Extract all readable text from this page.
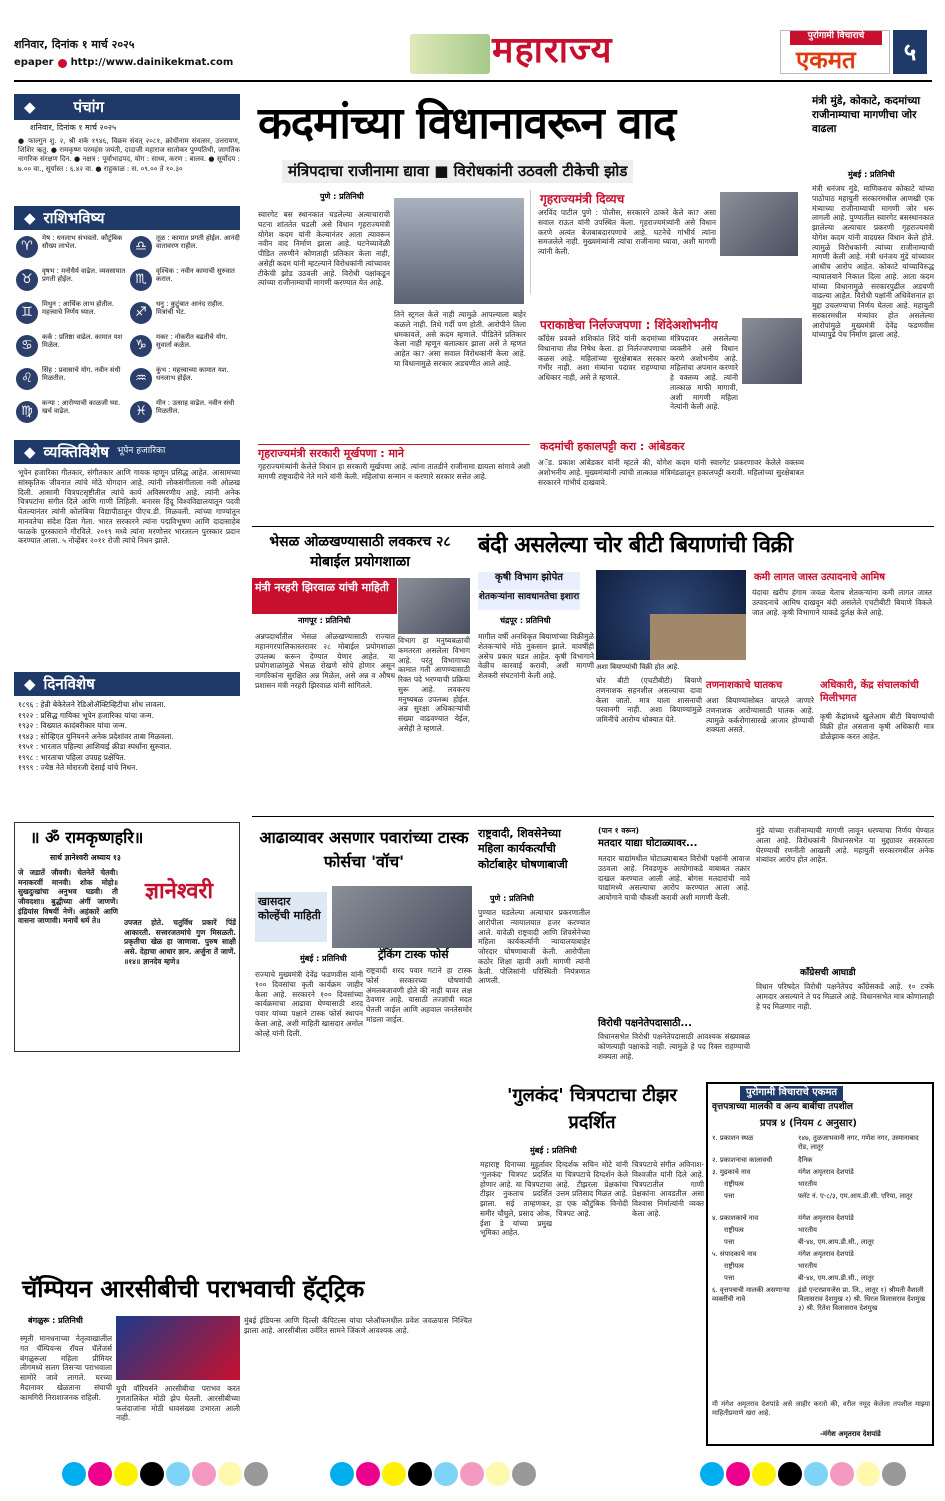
शनिवार, दिनांक १ मार्च २०२५
epaper http://www.dainikekmat.com	महाराज्य	पुरोगामी विचाराचे
एकमत	५
◆	पंचांग
शनिवार, दिनांक १ मार्च २०२५
● फाल्गुन शु. २, श्री शके १९४६, विक्रम संवत् २०८१, क्रोधीनाम संवत्सर, उत्तरायण, शिशिर ऋतु. ● रामकृष्ण परमहंस जयंती, दादाजी महाराज सातोकर पुण्यतिथी, जागतिक नागरिक संरक्षण दिन. ● नक्षत्र : पूर्वाभाद्रपद, योग : साध्य, करण : बालव. ● सूर्योदय : ७.०० वा., सूर्यास्त : ६.४२ वा. ● राहुकाळ : स. ०९.०० ते १०.३०
◆ राशिभविष्य
♈
मेष : धनलाभ संभवतो. कौटुंबिक सौख्य लाभेल.
♉
वृषभ : मनोधैर्य वाढेल. व्यवसायात प्रगती होईल.
♊
मिथुन : आर्थिक लाभ होतील. महत्त्वाचे निर्णय घ्याल.
♋
कर्क : प्रतिष्ठा वाढेल. कामात यश मिळेल.
♌
सिंह : प्रवासाचे योग. नवीन संधी मिळतील.
♍
कन्या : आरोग्याची काळजी घ्या. खर्च वाढेल.
♎
तूळ : कामात प्रगती होईल. आनंदी वातावरण राहील.
♏
वृश्चिक : नवीन कामाची सुरुवात कराल.
♐
धनु : कुटुंबात आनंद राहील. मित्रांची भेट.
♑
मकर : नोकरीत बढतीचे योग. सुवार्ता कळेल.
♒
कुंभ : महत्त्वाच्या कामात यश. धनलाभ होईल.
♓
मीन : उत्साह वाढेल. नवीन संधी मिळतील.
◆ व्यक्तिविशेष भूपेन हजारिका
भूपेन हजारिका गीतकार, संगीतकार आणि गायक म्हणून प्रसिद्ध आहेत. आसामच्या सांस्कृतिक जीवनात त्यांचे मोठे योगदान आहे. त्यांनी लोकसंगीताला नवी ओळख दिली. आसामी चित्रपटसृष्टीतील त्यांचे कार्य अविस्मरणीय आहे. त्यांनी अनेक चित्रपटांना संगीत दिले आणि गाणी लिहिली. बनारस हिंदू विश्वविद्यालयातून पदवी घेतल्यानंतर त्यांनी कोलंबिया विद्यापीठातून पीएच.डी. मिळवली. त्यांच्या गाण्यांतून मानवतेचा संदेश दिला गेला. भारत सरकारने त्यांना पद्मविभूषण आणि दादासाहेब फाळके पुरस्काराने गौरविले. २०१९ मध्ये त्यांना मरणोत्तर भारतरत्न पुरस्कार प्रदान करण्यात आला. ५ नोव्हेंबर २०११ रोजी त्यांचे निधन झाले.
◆ दिनविशेष
१८९६ : हेन्री बेकेरेलने रेडिओॲक्टिव्हिटीचा शोध लावला.
१९२२ : प्रसिद्ध गायिका भूपेन हजारिका यांचा जन्म.
१९३२ : विख्यात कादंबरीकार यांचा जन्म.
१९४३ : सोव्हिएत युनियनने अनेक प्रदेशांवर ताबा मिळवला.
१९५१ : भारतात पहिल्या आशियाई क्रीडा स्पर्धांना सुरुवात.
१९९८ : भारताचा पहिला उपग्रह प्रक्षेपित.
१९९९ : ज्येष्ठ नेते मोरारजी देसाई यांचे निधन.
॥ ॐ रामकृष्णहरि॥
सार्थ ज्ञानेश्वरी अध्याय १३
जे जडातें जीववी। चेतनेतें चेतवी। मनाकरवीं मानवी। शोक मोहो॥ सुखदुःखांचा अनुभव घडवी। ती जीवदशा॥ बुद्धीच्या अंगीं जाणणें। इंद्रियांस विषयीं नेणें। अहंकारें आणि वासना जाणावी। मनाचें धर्म ते॥
ज्ञानेश्वरी
उपजत होते. चतुर्विध प्रकारें पिंडें आकारती. सत्त्वरजतमांचे गुण मिसळती. प्रकृतीचा खेळ हा जाणावा. पुरुष साक्षी असे. देहाचा आधार ज्ञान. अर्जुना तें जाणें. ॥१४॥ ज्ञानदेव म्हणे॥
कदमांच्या विधानावरून वाद
मंत्रिपदाचा राजीनामा द्यावा ■ विरोधकांनी उठवली टीकेची झोड
पुणे : प्रतिनिधी
स्वारगेट बस स्थानकात घडलेल्या अत्याचाराची घटना शांततेत घडली असे विधान गृहराज्यमंत्री योगेश कदम यांनी केल्यानंतर आता त्यावरून नवीन वाद निर्माण झाला आहे. घटनेच्यावेळी पीडित तरुणीने कोणताही प्रतिकार केला नाही, असेही कदम यांनी म्हटल्याने विरोधकांनी त्यांच्यावर टीकेची झोड उठवली आहे. विरोधी पक्षांकडून त्यांच्या राजीनाम्याची मागणी करण्यात येत आहे.
तिने स्ट्रगल केले नाही त्यामुळे आपल्याला बाहेर कळले नाही. तिथे गर्दी पण होती. आरोपीने तिला धमकावले, असे कदम म्हणाले. पीडितेने प्रतिकार केला नाही म्हणून बलात्कार झाला असे ते म्हणत आहेत का? असा सवाल विरोधकांनी केला आहे. या विधानामुळे सरकार अडचणीत आले आहे.
गृहराज्यमंत्री दिव्यच
अरविंद पाटील पुणे : पोलीस, सरकारने ठाकरे केले का? असा सवाल राऊत यांनी उपस्थित केला. गृहराज्यमंत्र्यांनी असे विधान करणे अत्यंत बेजबाबदारपणाचे आहे. घटनेचे गांभीर्य त्यांना समजलेले नाही. मुख्यमंत्र्यांनी त्यांचा राजीनामा घ्यावा, अशी मागणी त्यांनी केली.
पराकाष्ठेचा निर्लज्जपणा : शिंदे
काँग्रेस प्रवक्ते शशिकांत शिंदे यांनी कदमांच्या विधानाचा तीव्र निषेध केला. हा निर्लज्जपणाचा कळस आहे. महिलांच्या सुरक्षेबाबत सरकार गंभीर नाही. अशा मंत्र्यांना पदावर राहण्याचा अधिकार नाही, असे ते म्हणाले.
अशोभनीय
मंत्रिपदावर असलेल्या व्यक्तीने असे विधान करणे अशोभनीय आहे. महिलांचा अपमान करणारे हे वक्तव्य आहे. त्यांनी तात्काळ माफी मागावी, अशी मागणी महिला नेत्यांनी केली आहे.
गृहराज्यमंत्री सरकारी मूर्खपणा : माने
गृहराज्यमंत्र्यांनी केलेले विधान हा सरकारी मूर्खपणा आहे. त्यांना तातडीने राजीनामा द्यायला सांगावे अशी मागणी राष्ट्रवादीचे नेते माने यांनी केली. महिलांचा सन्मान न करणारे सरकार सत्तेत आहे.
कदमांची हकालपट्टी करा : आंबेडकर
अॅड. प्रकाश आंबेडकर यांनी म्हटले की, योगेश कदम यांनी स्वारगेट प्रकरणावर केलेले वक्तव्य अशोभनीय आहे. मुख्यमंत्र्यांनी त्यांची तात्काळ मंत्रिमंडळातून हकालपट्टी करावी. महिलांच्या सुरक्षेबाबत सरकारने गांभीर्य दाखवावे.
मंत्री मुंडे, कोकाटे, कदमांच्या राजीनाम्याचा मागणीचा जोर वाढला
मुंबई : प्रतिनिधी
मंत्री धनंजय मुंडे, माणिकराव कोकाटे यांच्या पाठोपाठ महायुती सरकारमधील आणखी एक मंत्र्याच्या राजीनाम्याची मागणी जोर धरू लागली आहे. पुण्यातील स्वारगेट बसस्थानकात झालेल्या अत्याचार प्रकरणी गृहराज्यमंत्री योगेश कदम यांनी वादग्रस्त विधान केले होते. त्यामुळे विरोधकांनी त्यांच्या राजीनाम्याची मागणी केली आहे. मंत्री धनंजय मुंडे यांच्यावर आधीच आरोप आहेत. कोकाटे यांच्याविरुद्ध न्यायालयाने निकाल दिला आहे. आता कदम यांच्या विधानामुळे सरकारपुढील अडचणी वाढल्या आहेत. विरोधी पक्षांनी अधिवेशनात हा मुद्दा उचलण्याचा निर्णय घेतला आहे. महायुती सरकारमधील मंत्र्यांवर होत असलेल्या आरोपांमुळे मुख्यमंत्री देवेंद्र फडणवीस यांच्यापुढे पेच निर्माण झाला आहे.
भेसळ ओळखण्यासाठी लवकरच २८ मोबाईल प्रयोगशाळा
मंत्री नरहरी झिरवाळ यांची माहिती
नागपूर : प्रतिनिधी
अन्नपदार्थांतील भेसळ ओळखण्यासाठी राज्यात महानगरपालिकास्तरावर २८ मोबाईल प्रयोगशाळा उपलब्ध करून देण्यात येणार आहेत. या प्रयोगशाळांमुळे भेसळ रोखणे सोपे होणार असून नागरिकांना सुरक्षित अन्न मिळेल, असे अन्न व औषध प्रशासन मंत्री नरहरी झिरवाळ यांनी सांगितले.
विभाग हा मनुष्यबळाची कमतरता असलेला विभाग आहे. परंतु विभागाच्या कामात गती आणण्यासाठी रिक्त पदे भरण्याची प्रक्रिया सुरू आहे. लवकरच मनुष्यबळ उपलब्ध होईल. अन्न सुरक्षा अधिकाऱ्यांची संख्या वाढवण्यात येईल, असेही ते म्हणाले.
बंदी असलेल्या चोर बीटी बियाणांची विक्री
कृषी विभाग झोपेत
शेतकऱ्यांना सावधानतेचा इशारा
अशा बियाण्यांची विक्री होत आहे.
चंद्रपूर : प्रतिनिधी
मागील वर्षी अनधिकृत बियाणांच्या विक्रीमुळे शेतकऱ्यांचे मोठे नुकसान झाले. यावर्षीही असेच प्रकार घडत आहेत. कृषी विभागाने वेळीच कारवाई करावी, अशी मागणी शेतकरी संघटनांनी केली आहे.
चोर बीटी (एचटीबीटी) बियाणे तणनाशक सहनशील असल्याचा दावा केला जातो. मात्र याला शासनाची परवानगी नाही. अशा बियाण्यांमुळे जमिनीचे आरोग्य धोक्यात येते.
कमी लागत जास्त उत्पादनाचे आमिष
यंदाचा खरीप हंगाम जवळ येताच शेतकऱ्यांना कमी लागत जास्त उत्पादनाचे आमिष दाखवून बंदी असलेले एचटीबीटी बियाणे विकले जात आहे. कृषी विभागाने याकडे दुर्लक्ष केले आहे.
तणनाशकाचे घातकच
अशा बियाण्यांसोबत वापरले जाणारे तणनाशक आरोग्यासाठी घातक आहे. त्यामुळे कर्करोगासारखे आजार होण्याची शक्यता असते.
अधिकारी, केंद्र संचालकांची मिलीभगत
कृषी केंद्रांमध्ये खुलेआम बीटी बियाण्यांची विक्री होत असताना कृषी अधिकारी मात्र डोळेझाक करत आहेत.
आढाव्यावर असणार पवारांच्या टास्क फोर्सचा 'वॉच'
खासदार कोल्हेंची माहिती
मुंबई : प्रतिनिधी	ट्रॅकिंग टास्क फोर्स
राज्याचे मुख्यमंत्री देवेंद्र फडणवीस यांनी १०० दिवसांचा कृती कार्यक्रम जाहीर केला आहे. सरकारने १०० दिवसांच्या कार्यक्रमाचा आढावा घेण्यासाठी शरद पवार यांच्या पक्षाने टास्क फोर्स स्थापन केला आहे, अशी माहिती खासदार अमोल कोल्हे यांनी दिली.
राष्ट्रवादी शरद पवार गटाने हा टास्क फोर्स सरकारच्या घोषणांची अंमलबजावणी होते की नाही यावर लक्ष ठेवणार आहे. यासाठी तज्ज्ञांची मदत घेतली जाईल आणि अहवाल जनतेसमोर मांडला जाईल.
राष्ट्रवादी, शिवसेनेच्या महिला कार्यकर्त्यांची कोर्टाबाहेर घोषणाबाजी
पुणे : प्रतिनिधी
पुण्यात घडलेल्या अत्याचार प्रकरणातील आरोपीला न्यायालयात हजर करण्यात आले. यावेळी राष्ट्रवादी आणि शिवसेनेच्या महिला कार्यकर्त्यांनी न्यायालयाबाहेर जोरदार घोषणाबाजी केली. आरोपीला कठोर शिक्षा व्हावी अशी मागणी त्यांनी केली. पोलिसांनी परिस्थिती नियंत्रणात आणली.
(पान १ वरून)
मतदार याद्या घोटाळ्यावर...
मतदार याद्यांमधील घोटाळ्याबाबत विरोधी पक्षांनी आवाज उठवला आहे. निवडणूक आयोगाकडे याबाबत तक्रार दाखल करण्यात आली आहे. बोगस मतदारांची नावे याद्यांमध्ये असल्याचा आरोप करण्यात आला आहे. आयोगाने याची चौकशी करावी अशी मागणी केली.
विरोधी पक्षनेतेपदासाठी...
विधानसभेत विरोधी पक्षनेतेपदासाठी आवश्यक संख्याबळ कोणत्याही पक्षाकडे नाही. त्यामुळे हे पद रिक्त राहण्याची शक्यता आहे.
मुंडे यांच्या राजीनाम्याची मागणी लावून धरण्याचा निर्णय घेण्यात आला आहे. विरोधकांनी विधानसभेत या मुद्द्यावर सरकारला घेरण्याची रणनीती आखली आहे. महायुती सरकारमधील अनेक मंत्र्यांवर आरोप होत आहेत.
काँग्रेसची आघाडी
विधान परिषदेत विरोधी पक्षनेतेपद काँग्रेसकडे आहे. १० टक्के आमदार असल्याने ते पद मिळाले आहे. विधानसभेत मात्र कोणालाही हे पद मिळणार नाही.
'गुलकंद' चित्रपटाचा टीझर प्रदर्शित
मुंबई : प्रतिनिधी
महाराष्ट्र दिनाच्या मुहूर्तावर 'गुलकंद' चित्रपट प्रदर्शित होणार आहे. या चित्रपटाचा टीझर नुकताच प्रदर्शित झाला. सई ताम्हणकर, समीर चौघुले, प्रसाद ओक, ईशा डे यांच्या प्रमुख भूमिका आहेत.
दिग्दर्शक सचिन मोटे यांनी या चित्रपटाचे दिग्दर्शन केले आहे. टीझरला प्रेक्षकांचा उत्तम प्रतिसाद मिळत आहे. हा एक कौटुंबिक विनोदी चित्रपट आहे.
चित्रपटाचे संगीत अविनाश-विश्वजीत यांनी दिले आहे. चित्रपटातील गाणी प्रेक्षकांना आवडतील असा विश्वास निर्मात्यांनी व्यक्त केला आहे.
पुरोगामी विचाराचे एकमत
वृत्तपत्राच्या मालकी व अन्य बाबींचा तपशील
प्रपत्र ४ (नियम ८ अनुसार)
१. प्रकाशन स्थळ	१४७, तुळजाभवानी नगर, गणेश नगर, उस्मानाबाद रोड, लातूर
२. प्रकाशनाचा कालावधी	दैनिक
३. मुद्रकाचे नाव	मंगेश अमृतराव देशपांडे
राष्ट्रीयत्व	भारतीय
पत्ता	फ्लॅट नं. ए-८/३, एम.आय.डी.सी. एरिया, लातूर
४. प्रकाशकाचे नाव	मंगेश अमृतराव देशपांडे
राष्ट्रीयत्व	भारतीय
पत्ता	बी-४४, एम.आय.डी.सी., लातूर
५. संपादकाचे नाव	मंगेश अमृतराव देशपांडे
राष्ट्रीयत्व	भारतीय
पत्ता	बी-४४, एम.आय.डी.सी., लातूर
६. वृत्तपत्राची मालकी असणाऱ्या व्यक्तींची नावे
इंडो एन्टरप्रायजेस प्रा. लि., लातूर १) श्रीमती वैशाली विलासराव देशमुख २) श्री. धिरज विलासराव देशमुख ३) श्री. रितेश विलासराव देशमुख
मी मंगेश अमृतराव देशपांडे असे जाहीर करतो की, वरील नमूद केलेला तपशील माझ्या माहितीप्रमाणे खरा आहे.
-मंगेश अमृतराव देशपांडे
चॅम्पियन आरसीबीची पराभवाची हॅट्ट्रिक
बंगळुरू : प्रतिनिधी
स्मृती मानधनाच्या नेतृत्वाखालील गत चॅम्पियन्स रॉयल चॅलेंजर्स बंगळुरूला महिला प्रीमियर लीगमध्ये सलग तिसऱ्या पराभवाला सामोरे जावे लागले. घरच्या मैदानावर खेळताना संघाची कामगिरी निराशाजनक राहिली.
यूपी वॉरियर्सने आरसीबीचा पराभव करत गुणतालिकेत मोठी झेप घेतली. आरसीबीच्या फलंदाजांना मोठी धावसंख्या उभारता आली नाही.
मुंबई इंडियन्स आणि दिल्ली कॅपिटल्स यांचा प्लेऑफमधील प्रवेश जवळपास निश्चित झाला आहे. आरसीबीला उर्वरित सामने जिंकणे आवश्यक आहे.
